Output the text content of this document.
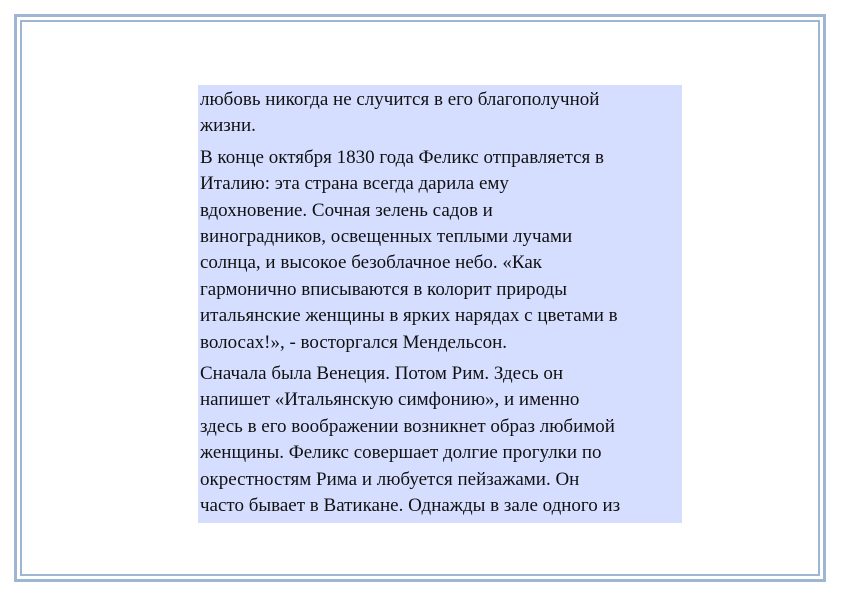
любовь никогда не случится в его благополучной
жизни.

В конце октября 1830 года Феликс отправляется в
Италию: эта страна всегда дарила ему
вдохновение. Сочная зелень садов и
виноградников, освещенных теплыми лучами
солнца, и высокое безоблачное небо. «Как
гармонично вписываются в колорит природы
итальянские женщины в ярких нарядах с цветами в
волосах!», - восторгался Мендельсон.

Сначала была Венеция. Потом Рим. Здесь он
напишет «Итальянскую симфонию», и именно
здесь в его воображении возникнет образ любимой
женщины. Феликс совершает долгие прогулки по
окрестностям Рима и любуется пейзажами. Он
часто бывает в Ватикане. Однажды в зале одного из
